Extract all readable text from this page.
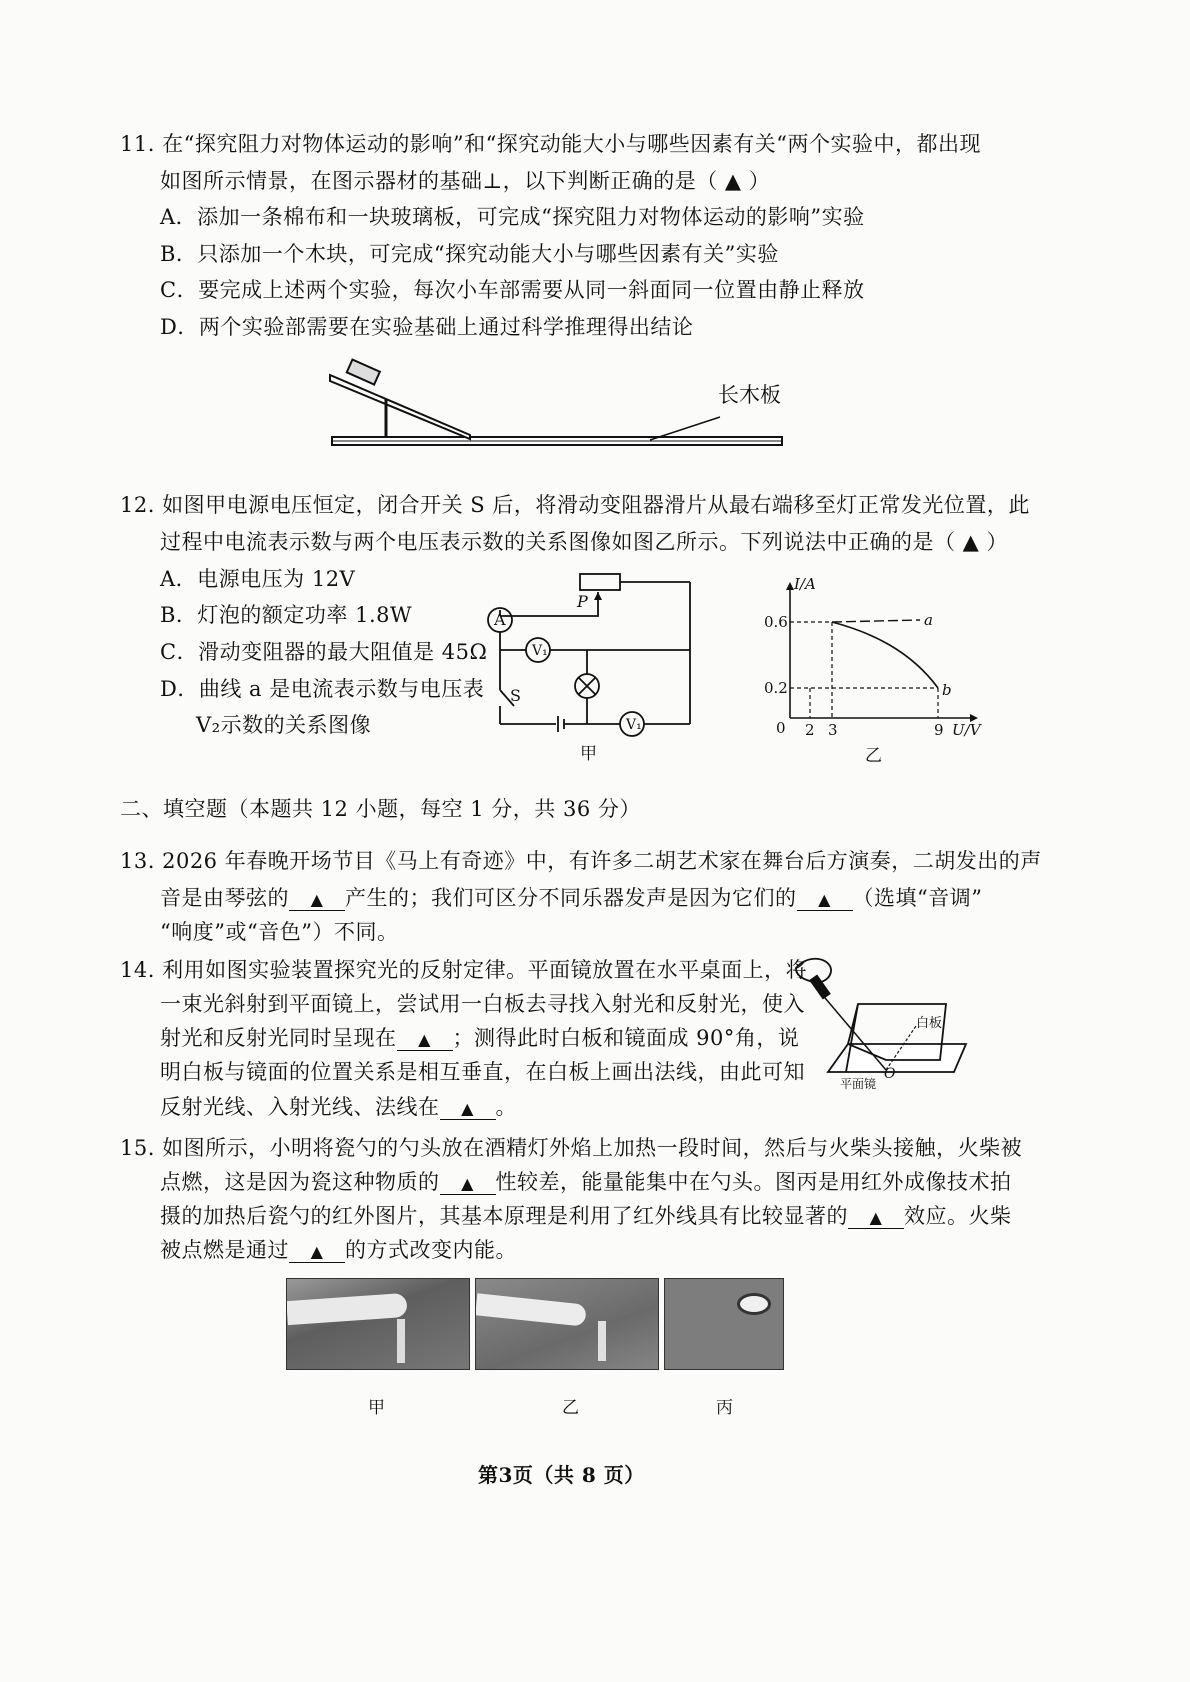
11. 在“探究阻力对物体运动的影响”和“探究动能大小与哪些因素有关“两个实验中，都出现
如图所示情景，在图示器材的基础⊥，以下判断正确的是（ ▲ ）
A．添加一条棉布和一块玻璃板，可完成“探究阻力对物体运动的影响”实验
B．只添加一个木块，可完成“探究动能大小与哪些因素有关”实验
C．要完成上述两个实验，每次小车部需要从同一斜面同一位置由静止释放
D．两个实验部需要在实验基础上通过科学推理得出结论
长木板
12. 如图甲电源电压恒定，闭合开关 S 后，将滑动变阻器滑片从最右端移至灯正常发光位置，此
过程中电流表示数与两个电压表示数的关系图像如图乙所示。下列说法中正确的是（ ▲ ）
A．电源电压为 12V
B．灯泡的额定功率 1.8W
C．滑动变阻器的最大阻值是 45Ω
D．曲线 a 是电流表示数与电压表
V₂示数的关系图像
A
V₁
V₁
P
S
甲
I/A
U/V
0
0.6
0.2
2 3	9
a
b
乙
二、填空题（本题共 12 小题，每空 1 分，共 36 分）
13. 2026 年春晚开场节目《马上有奇迹》中，有许多二胡艺术家在舞台后方演奏，二胡发出的声
音是由琴弦的 ▲ 产生的；我们可区分不同乐器发声是因为它们的 ▲ （选填“音调”
“响度”或“音色”）不同。
14. 利用如图实验装置探究光的反射定律。平面镜放置在水平桌面上，将
一束光斜射到平面镜上，尝试用一白板去寻找入射光和反射光，使入
射光和反射光同时呈现在 ▲ ；测得此时白板和镜面成 90°角，说
明白板与镜面的位置关系是相互垂直，在白板上画出法线，由此可知
反射光线、入射光线、法线在 ▲ 。
白板
平面镜
O
15. 如图所示，小明将瓷勺的勺头放在酒精灯外焰上加热一段时间，然后与火柴头接触，火柴被
点燃，这是因为瓷这种物质的 ▲ 性较差，能量能集中在勺头。图丙是用红外成像技术拍
摄的加热后瓷勺的红外图片，其基本原理是利用了红外线具有比较显著的 ▲ 效应。火柴
被点燃是通过 ▲ 的方式改变内能。
甲	乙	丙
第3页（共 8 页）
